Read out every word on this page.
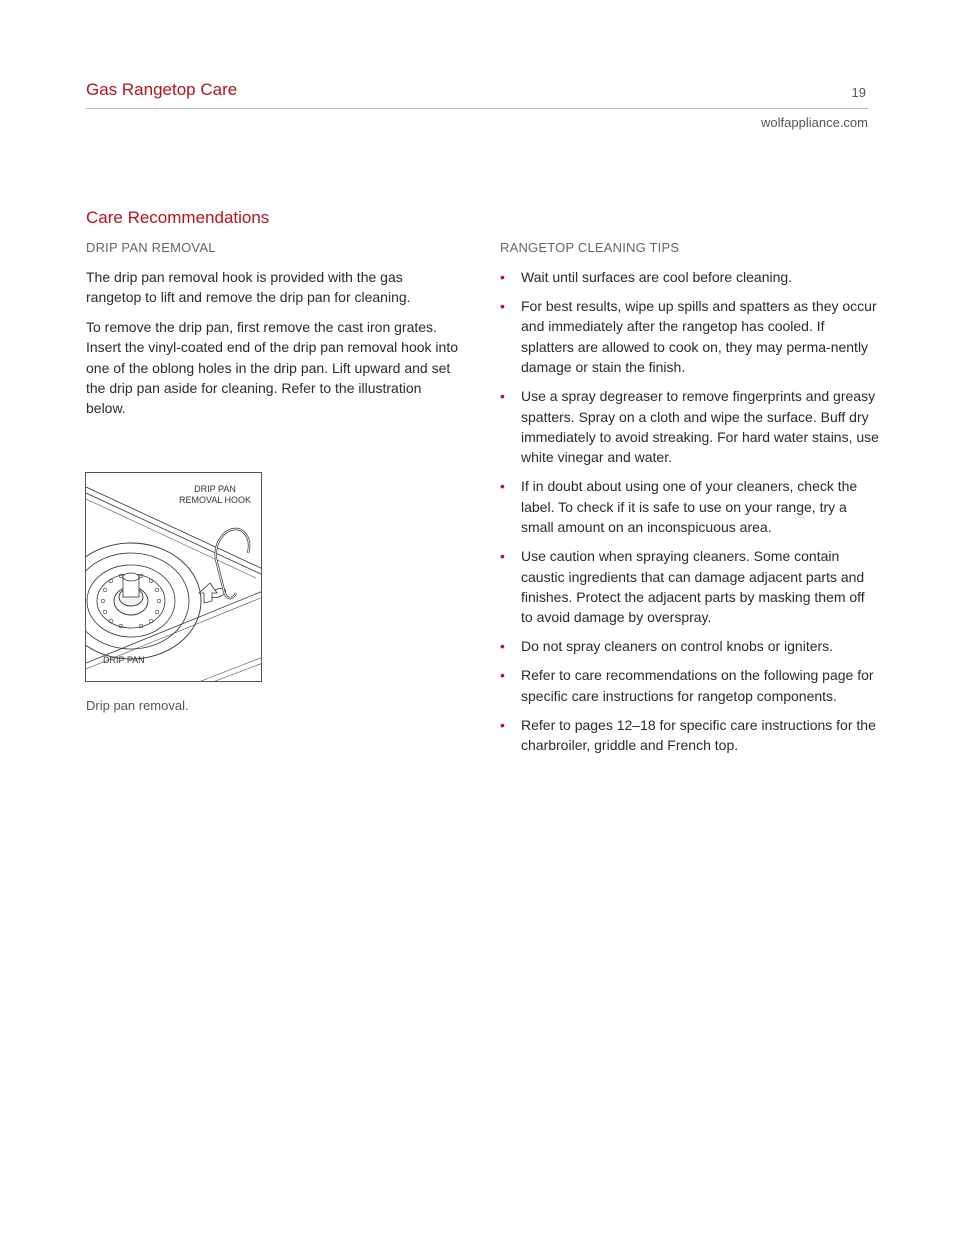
Gas Rangetop Care	19
wolfappliance.com
Care Recommendations
DRIP PAN REMOVAL

The drip pan removal hook is provided with the gas rangetop to lift and remove the drip pan for cleaning.

To remove the drip pan, first remove the cast iron grates. Insert the vinyl-coated end of the drip pan removal hook into one of the oblong holes in the drip pan. Lift upward and set the drip pan aside for cleaning. Refer to the illustration below.

DRIP PAN
REMOVAL HOOK
DRIP PAN
Drip pan removal.
RANGETOP CLEANING TIPS
• Wait until surfaces are cool before cleaning.
• For best results, wipe up spills and spatters as they occur and immediately after the rangetop has cooled. If splatters are allowed to cook on, they may perma-nently damage or stain the finish.
• Use a spray degreaser to remove fingerprints and greasy spatters. Spray on a cloth and wipe the surface. Buff dry immediately to avoid streaking. For hard water stains, use white vinegar and water.
• If in doubt about using one of your cleaners, check the label. To check if it is safe to use on your range, try a small amount on an inconspicuous area.
• Use caution when spraying cleaners. Some contain caustic ingredients that can damage adjacent parts and finishes. Protect the adjacent parts by masking them off to avoid damage by overspray.
• Do not spray cleaners on control knobs or igniters.
• Refer to care recommendations on the following page for specific care instructions for rangetop components.
• Refer to pages 12–18 for specific care instructions for the charbroiler, griddle and French top.
